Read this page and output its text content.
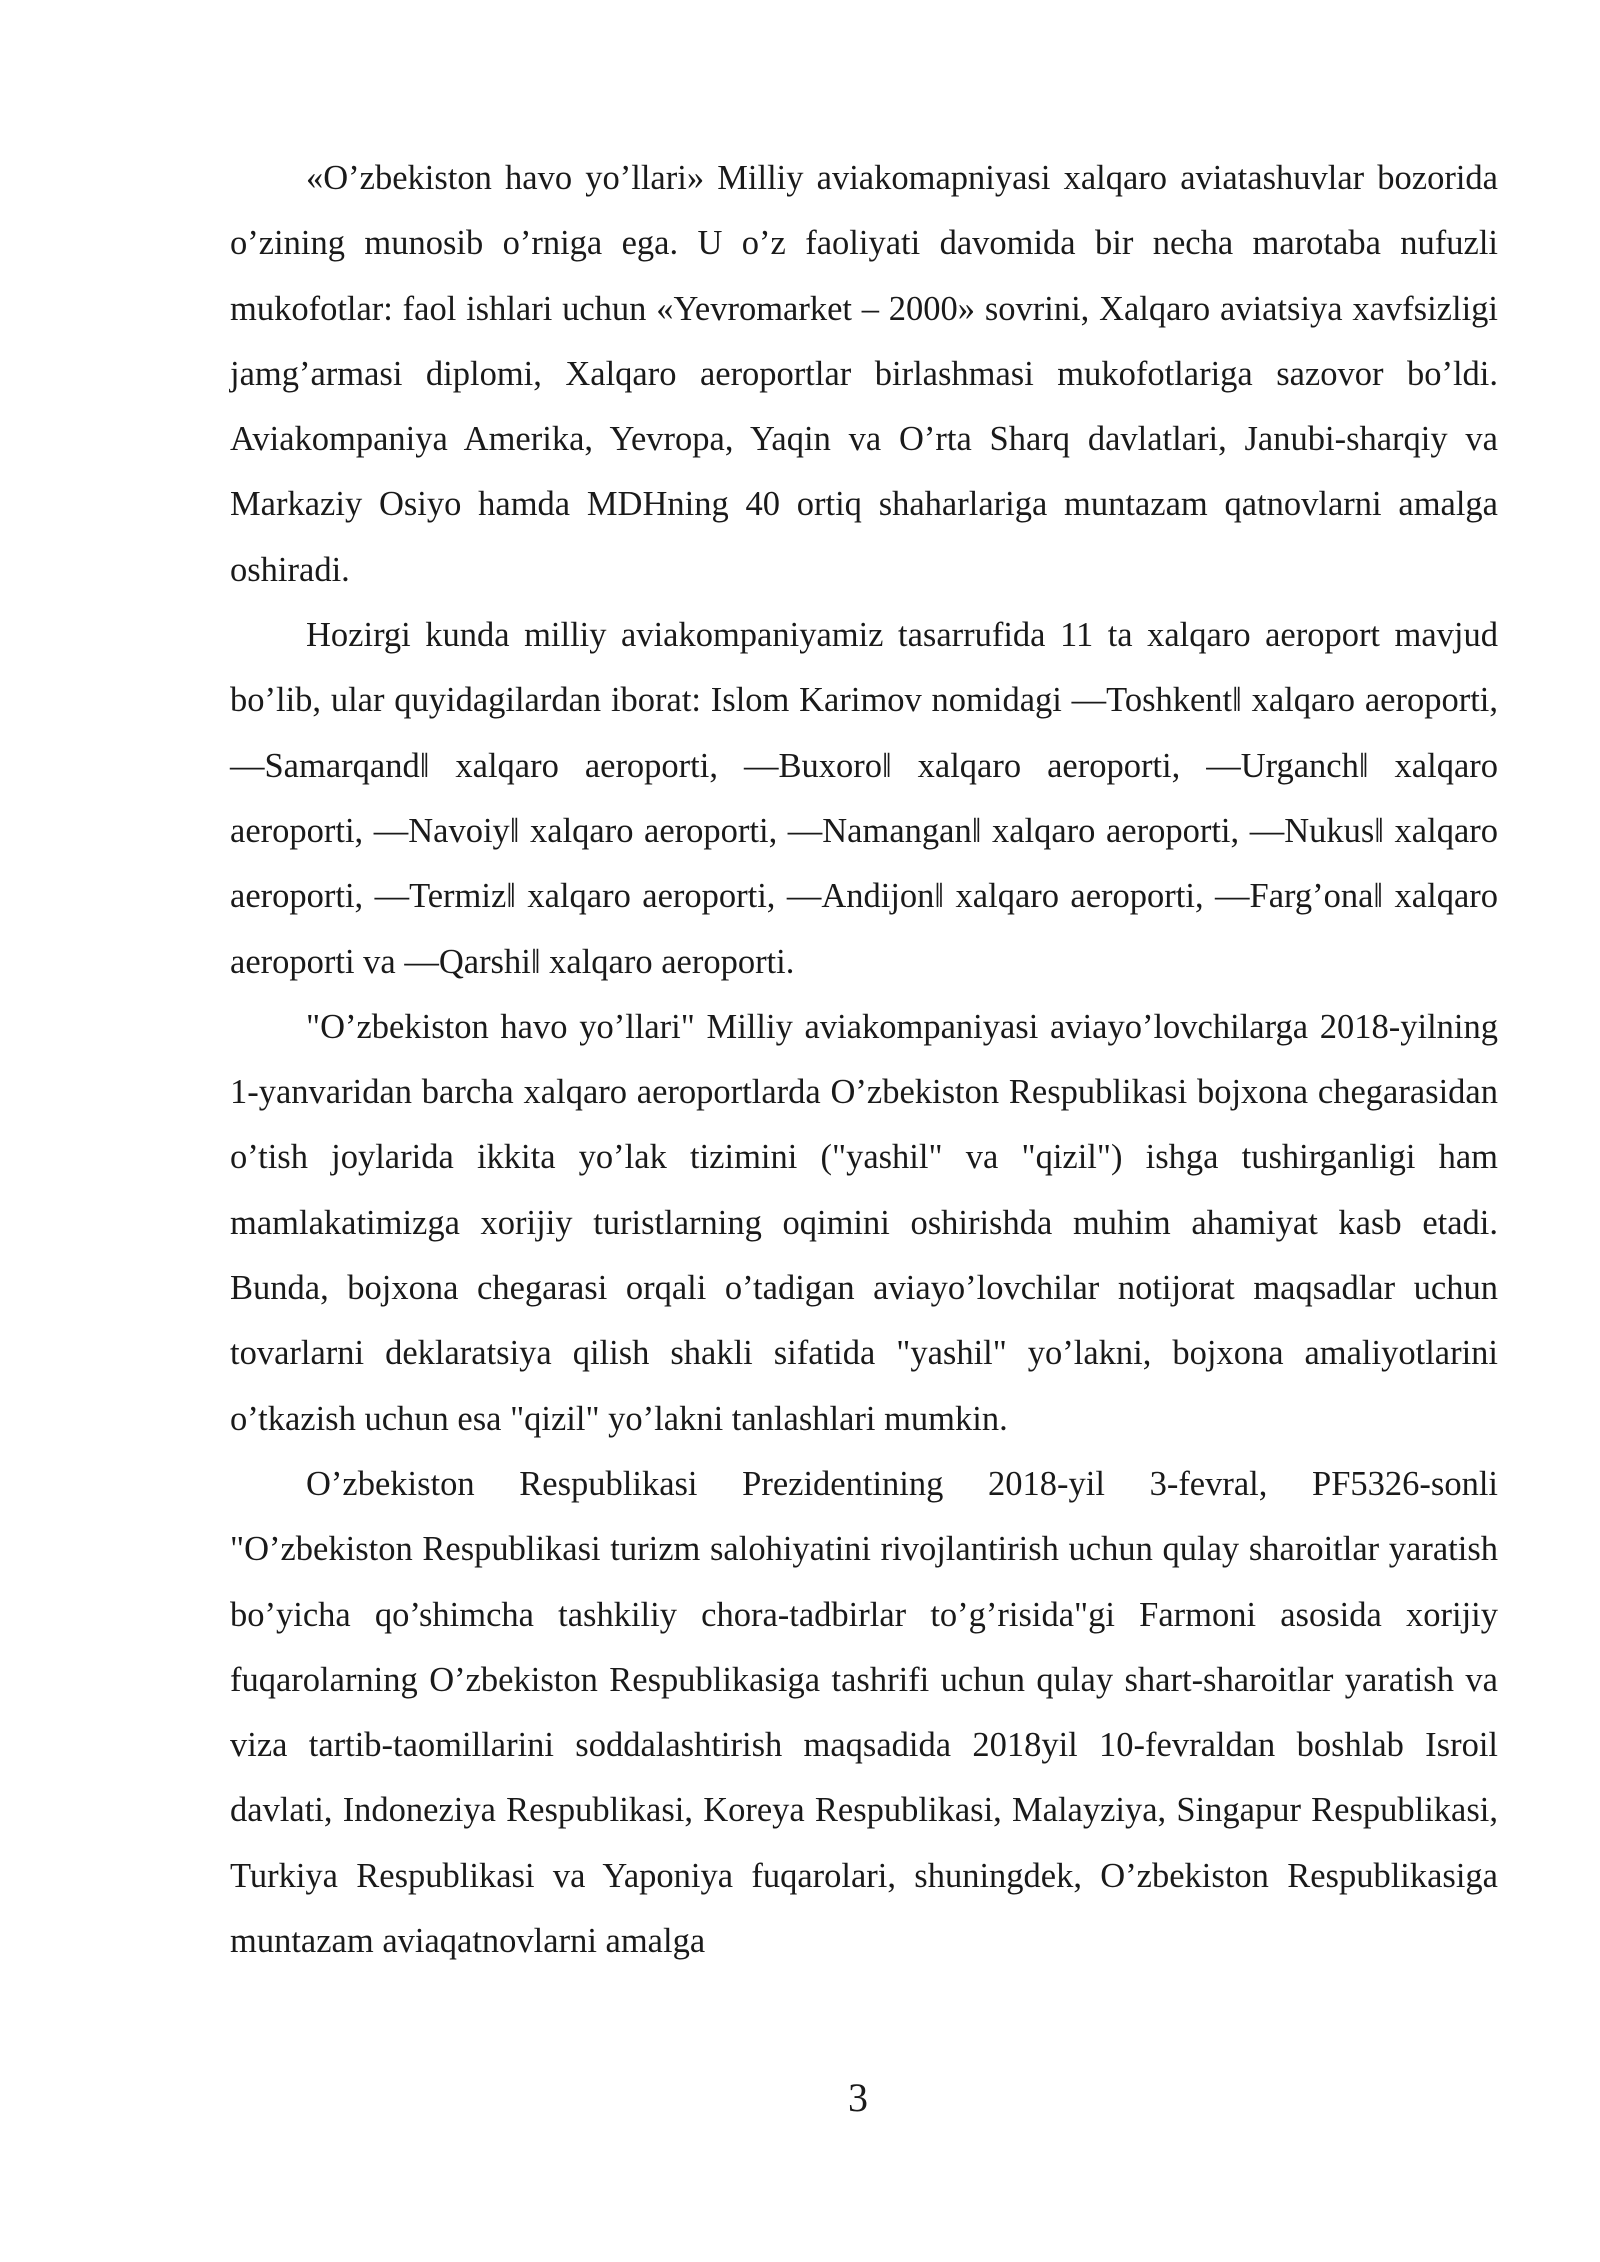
«O’zbekiston havo yo’llari» Milliy aviakomapniyasi xalqaro aviatashuvlar bozorida o’zining munosib o’rniga ega. U o’z faoliyati davomida bir necha marotaba nufuzli mukofotlar: faol ishlari uchun «Yevromarket – 2000» sovrini, Xalqaro aviatsiya xavfsizligi jamg’armasi diplomi, Xalqaro aeroportlar birlashmasi mukofotlariga sazovor bo’ldi. Aviakompaniya Amerika, Yevropa, Yaqin va O’rta Sharq davlatlari, Janubi-sharqiy va Markaziy Osiyo hamda MDHning 40 ortiq shaharlariga muntazam qatnovlarni amalga oshiradi.

Hozirgi kunda milliy aviakompaniyamiz tasarrufida 11 ta xalqaro aeroport mavjud bo’lib, ular quyidagilardan iborat: Islom Karimov nomidagi ―Toshkent‖ xalqaro aeroporti, ―Samarqand‖ xalqaro aeroporti, ―Buxoro‖ xalqaro aeroporti, ―Urganch‖ xalqaro aeroporti, ―Navoiy‖ xalqaro aeroporti, ―Namangan‖ xalqaro aeroporti, ―Nukus‖ xalqaro aeroporti, ―Termiz‖ xalqaro aeroporti, ―Andijon‖ xalqaro aeroporti, ―Farg’ona‖ xalqaro aeroporti va ―Qarshi‖ xalqaro aeroporti.

"O’zbekiston havo yo’llari" Milliy aviakompaniyasi aviayo’lovchilarga 2018-yilning 1-yanvaridan barcha xalqaro aeroportlarda O’zbekiston Respublikasi bojxona chegarasidan o’tish joylarida ikkita yo’lak tizimini ("yashil" va "qizil") ishga tushirganligi ham mamlakatimizga xorijiy turistlarning oqimini oshirishda muhim ahamiyat kasb etadi. Bunda, bojxona chegarasi orqali o’tadigan aviayo’lovchilar notijorat maqsadlar uchun tovarlarni deklaratsiya qilish shakli sifatida "yashil" yo’lakni, bojxona amaliyotlarini o’tkazish uchun esa "qizil" yo’lakni tanlashlari mumkin.

O’zbekiston Respublikasi Prezidentining 2018-yil 3-fevral, PF5326-sonli "O’zbekiston Respublikasi turizm salohiyatini rivojlantirish uchun qulay sharoitlar yaratish bo’yicha qo’shimcha tashkiliy chora-tadbirlar to’g’risida"gi Farmoni asosida xorijiy fuqarolarning O’zbekiston Respublikasiga tashrifi uchun qulay shart-sharoitlar yaratish va viza tartib-taomillarini soddalashtirish maqsadida 2018yil 10-fevraldan boshlab Isroil davlati, Indoneziya Respublikasi, Koreya Respublikasi, Malayziya, Singapur Respublikasi, Turkiya Respublikasi va Yaponiya fuqarolari, shuningdek, O’zbekiston Respublikasiga muntazam aviaqatnovlarni amalga

3
